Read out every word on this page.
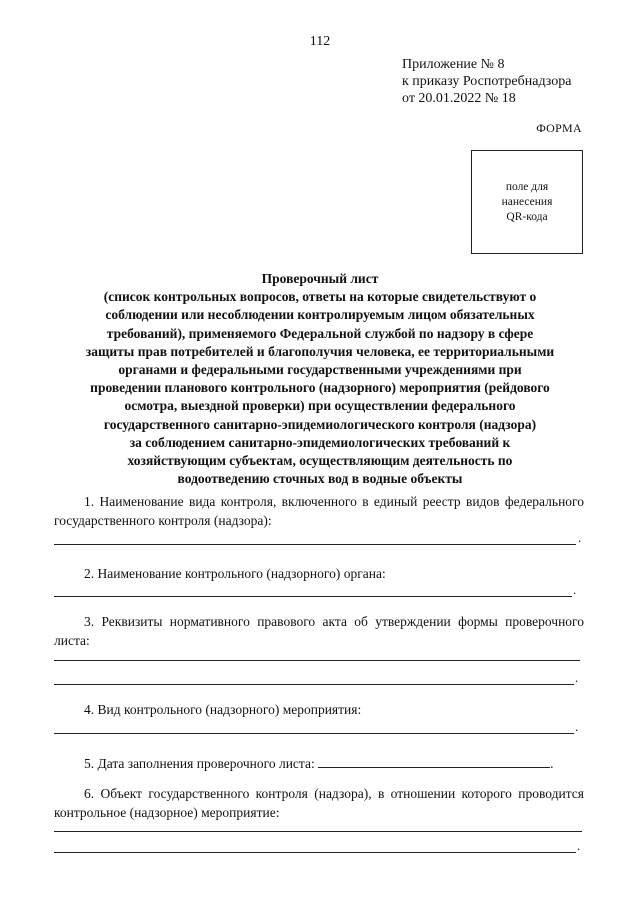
112
Приложение № 8
к приказу Роспотребнадзора
от 20.01.2022 № 18
ФОРМА
поле для
нанесения
QR-кода
Проверочный лист
(список контрольных вопросов, ответы на которые свидетельствуют о
соблюдении или несоблюдении контролируемым лицом обязательных
требований), применяемого Федеральной службой по надзору в сфере
защиты прав потребителей и благополучия человека, ее территориальными
органами и федеральными государственными учреждениями при
проведении планового контрольного (надзорного) мероприятия (рейдового
осмотра, выездной проверки) при осуществлении федерального
государственного санитарно-эпидемиологического контроля (надзора)
за соблюдением санитарно-эпидемиологических требований к
хозяйствующим субъектам, осуществляющим деятельность по
водоотведению сточных вод в водные объекты
1. Наименование вида контроля, включенного в единый реестр видов федерального государственного контроля (надзора):
.
2. Наименование контрольного (надзорного) органа:
.
3. Реквизиты нормативного правового акта об утверждении формы проверочного листа:
.
4. Вид контрольного (надзорного) мероприятия:
.
5. Дата заполнения проверочного листа:	.
6. Объект государственного контроля (надзора), в отношении которого проводится контрольное (надзорное) мероприятие:
.
